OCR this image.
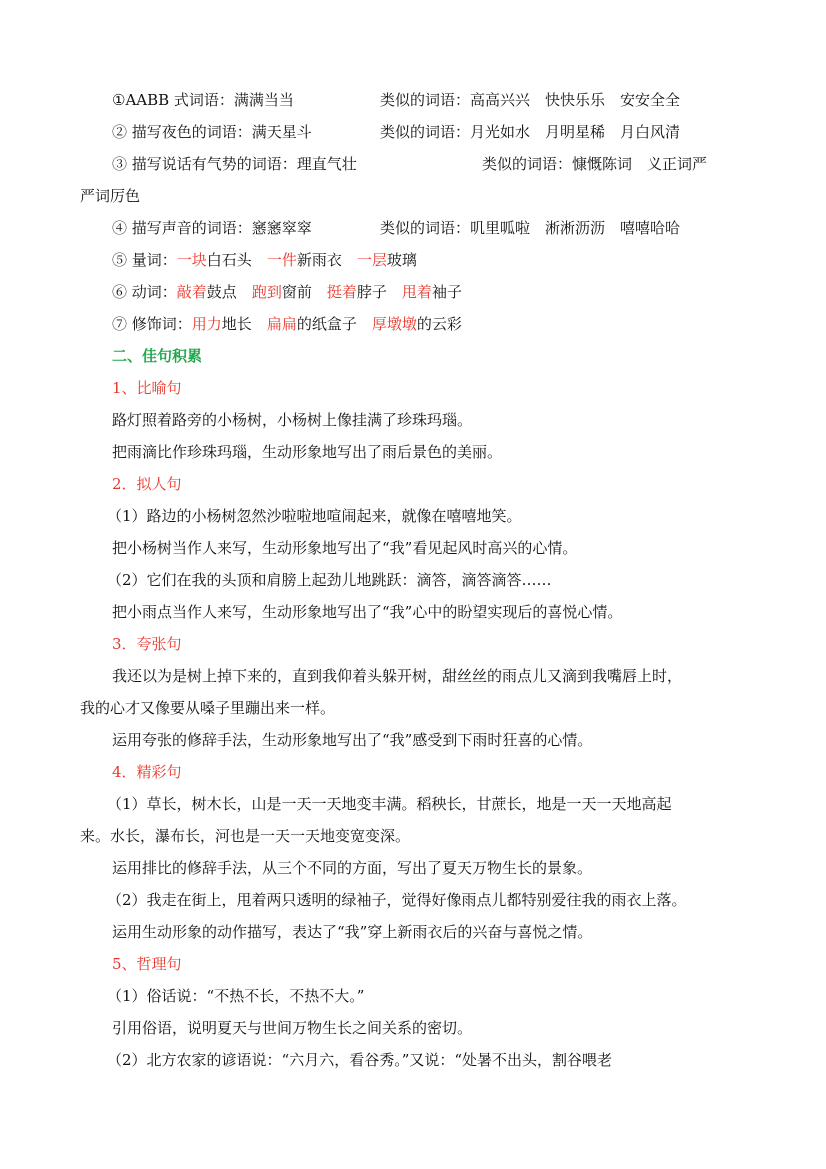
①AABB 式词语：满满当当	类似的词语：高高兴兴　快快乐乐　安安全全
② 描写夜色的词语：满天星斗	类似的词语：月光如水　月明星稀　月白风清
③ 描写说话有气势的词语：理直气壮	类似的词语：慷慨陈词　义正词严
严词厉色
④ 描写声音的词语：窸窸窣窣	类似的词语：叽里呱啦　淅淅沥沥　嘻嘻哈哈
⑤ 量词：一块白石头　 一件新雨衣　 一层玻璃
⑥ 动词：敲着鼓点　 跑到窗前　 挺着脖子　 甩着袖子
⑦ 修饰词：用力地长　 扁扁的纸盒子　 厚墩墩的云彩
二、佳句积累
1、比喻句
路灯照着路旁的小杨树，小杨树上像挂满了珍珠玛瑙。
把雨滴比作珍珠玛瑙，生动形象地写出了雨后景色的美丽。
2．拟人句
（1）路边的小杨树忽然沙啦啦地喧闹起来，就像在嘻嘻地笑。
把小杨树当作人来写，生动形象地写出了“我”看见起风时高兴的心情。
（2）它们在我的头顶和肩膀上起劲儿地跳跃：滴答，滴答滴答……
把小雨点当作人来写，生动形象地写出了“我”心中的盼望实现后的喜悦心情。
3．夸张句
我还以为是树上掉下来的，直到我仰着头躲开树，甜丝丝的雨点儿又滴到我嘴唇上时，
我的心才又像要从嗓子里蹦出来一样。
运用夸张的修辞手法，生动形象地写出了“我”感受到下雨时狂喜的心情。
4．精彩句
（1）草长，树木长，山是一天一天地变丰满。稻秧长，甘蔗长，地是一天一天地高起
来。水长，瀑布长，河也是一天一天地变宽变深。
运用排比的修辞手法，从三个不同的方面，写出了夏天万物生长的景象。
（2）我走在街上，甩着两只透明的绿袖子，觉得好像雨点儿都特别爱往我的雨衣上落。
运用生动形象的动作描写，表达了“我”穿上新雨衣后的兴奋与喜悦之情。
5、哲理句
（1）俗话说：“不热不长，不热不大。”
引用俗语，说明夏天与世间万物生长之间关系的密切。
（2）北方农家的谚语说：“六月六，看谷秀。”又说：“处暑不出头，割谷喂老
